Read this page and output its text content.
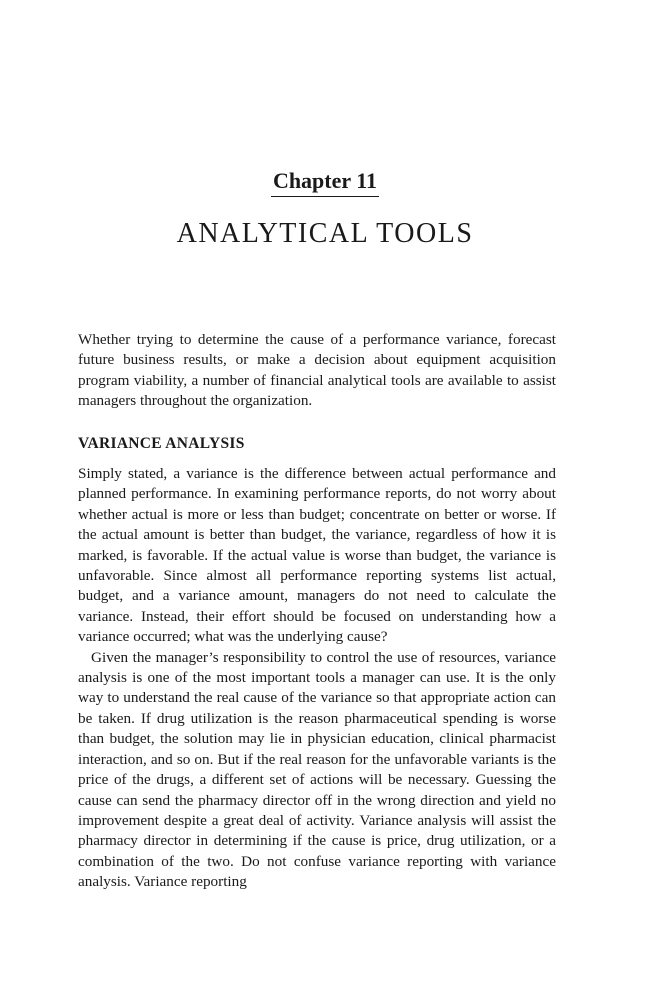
Chapter 11
ANALYTICAL TOOLS
Whether trying to determine the cause of a performance variance, forecast future business results, or make a decision about equipment acquisition program viability, a number of financial analytical tools are available to assist managers throughout the organization.
VARIANCE ANALYSIS

Simply stated, a variance is the difference between actual performance and planned performance. In examining performance reports, do not worry about whether actual is more or less than budget; concentrate on better or worse. If the actual amount is better than budget, the variance, regardless of how it is marked, is favorable. If the actual value is worse than budget, the variance is unfavorable. Since almost all performance reporting systems list actual, budget, and a variance amount, managers do not need to calculate the variance. Instead, their effort should be focused on understanding how a variance occurred; what was the underlying cause?

Given the manager’s responsibility to control the use of resources, variance analysis is one of the most important tools a manager can use. It is the only way to understand the real cause of the variance so that appropriate action can be taken. If drug utilization is the reason pharmaceutical spending is worse than budget, the solution may lie in physician education, clinical pharmacist interaction, and so on. But if the real reason for the unfavorable variants is the price of the drugs, a different set of actions will be necessary. Guessing the cause can send the pharmacy director off in the wrong direction and yield no improvement despite a great deal of activity. Variance analysis will assist the pharmacy director in determining if the cause is price, drug utilization, or a combination of the two. Do not confuse variance reporting with variance analysis. Variance reporting
